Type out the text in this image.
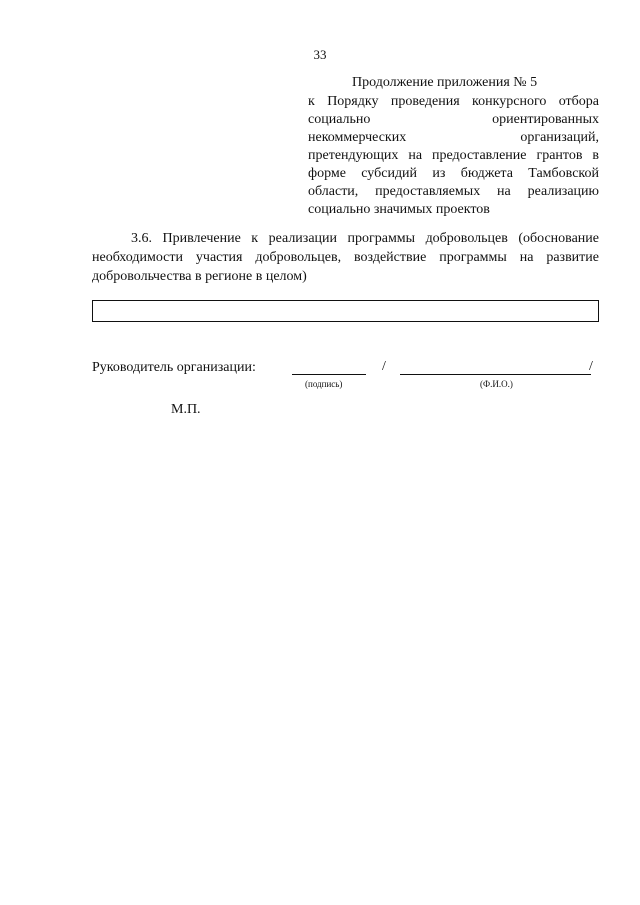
33
Продолжение приложения № 5
к Порядку проведения конкурсного отбора
социально ориентированных
некоммерческих организаций,
претендующих на предоставление грантов в
форме субсидий из бюджета Тамбовской
области, предоставляемых на реализацию
социально значимых проектов
3.6. Привлечение к реализации программы добровольцев (обоснование
необходимости участия добровольцев, воздействие программы на развитие
добровольчества в регионе в целом)
Руководитель организации:	/	/
(подпись)	(Ф.И.О.)
М.П.
